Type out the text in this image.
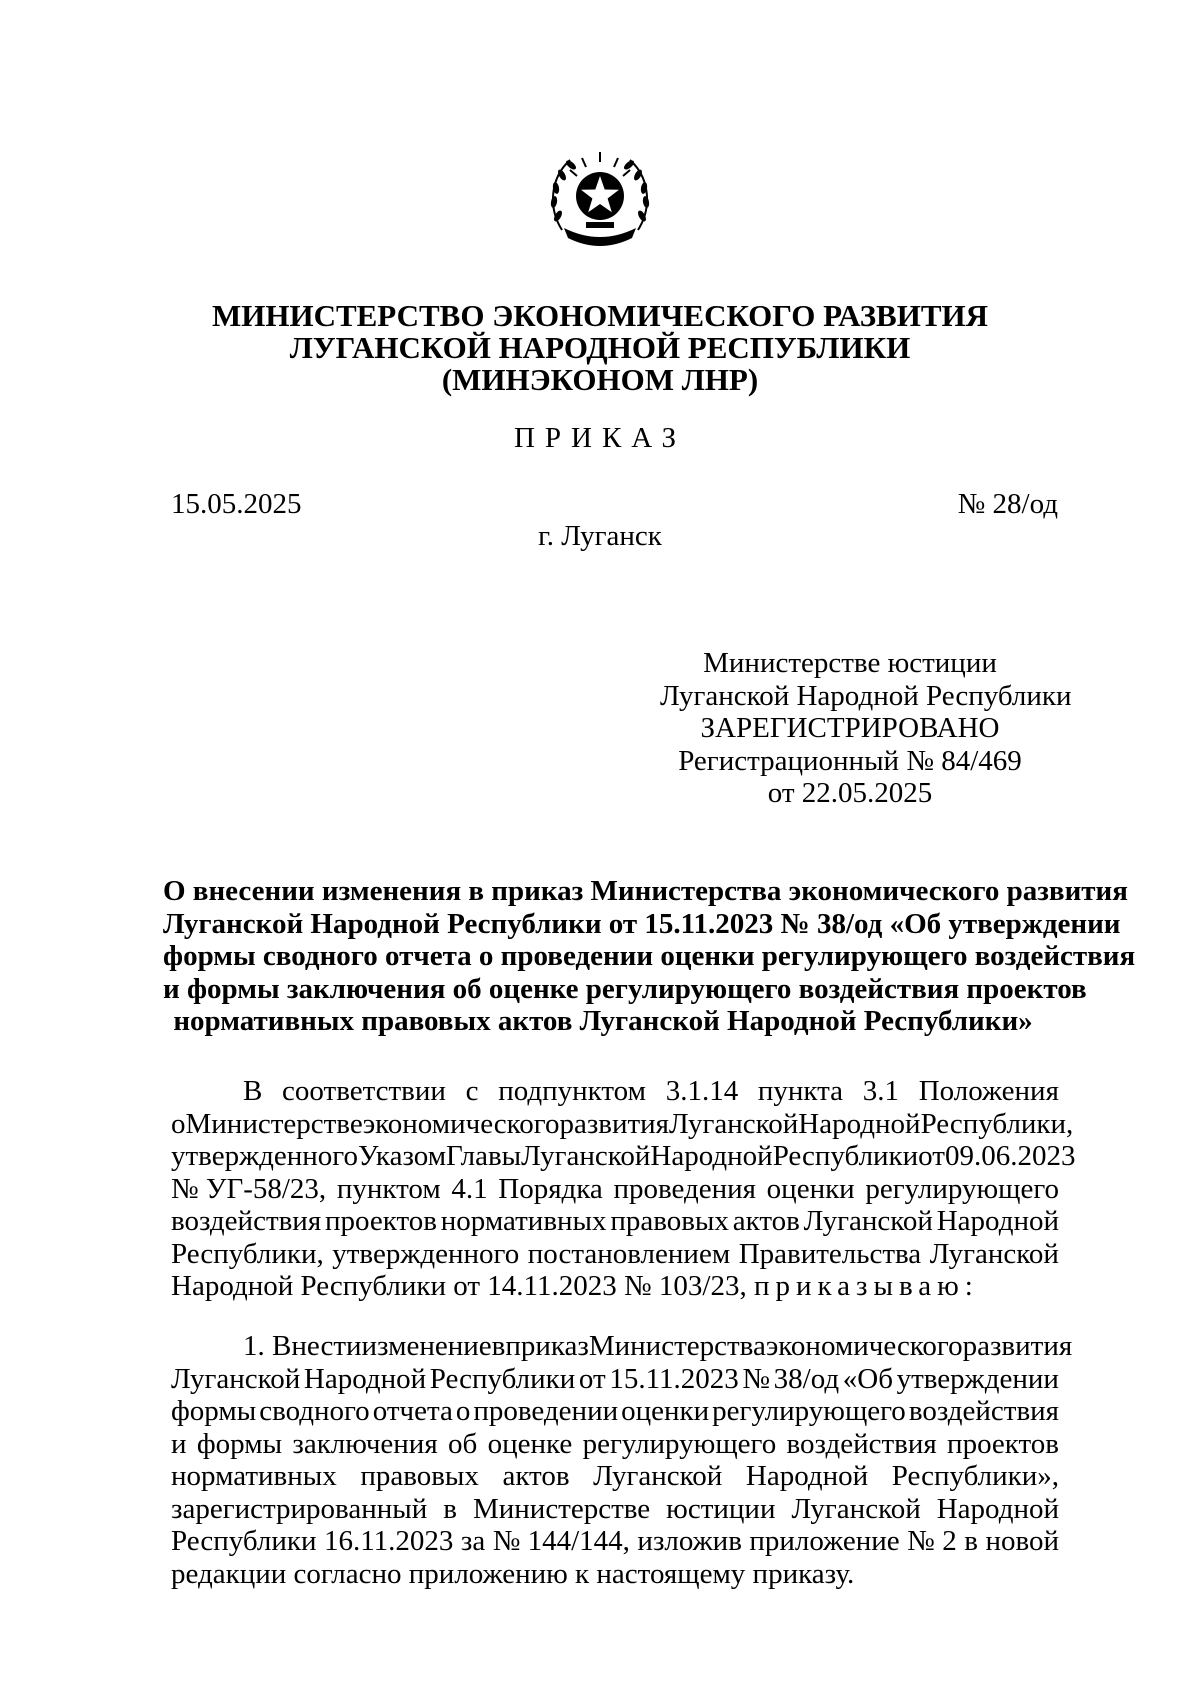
МИНИСТЕРСТВО ЭКОНОМИЧЕСКОГО РАЗВИТИЯ
ЛУГАНСКОЙ НАРОДНОЙ РЕСПУБЛИКИ
(МИНЭКОНОМ ЛНР)
ПРИКАЗ
15.05.2025	№ 28/од
г. Луганск
Министерстве юстиции
Луганской Народной Республики
ЗАРЕГИСТРИРОВАНО
Регистрационный № 84/469
от 22.05.2025
О внесении изменения в приказ Министерства экономического развития
Луганской Народной Республики от 15.11.2023 № 38/од «Об утверждении
формы сводного отчета о проведении оценки регулирующего воздействия
и формы заключения об оценке регулирующего воздействия проектов
нормативных правовых актов Луганской Народной Республики»
В соответствии с подпунктом 3.1.14 пункта 3.1 Положения
о Министерстве экономического развития Луганской Народной Республики,
утвержденного Указом Главы Луганской Народной Республики от 09.06.2023
№ УГ-58/23, пунктом 4.1 Порядка проведения оценки регулирующего
воздействия проектов нормативных правовых актов Луганской Народной
Республики, утвержденного постановлением Правительства Луганской
Народной Республики от 14.11.2023 № 103/23, приказываю:
1. Внести изменение в приказ Министерства экономического развития
Луганской Народной Республики от 15.11.2023 № 38/од «Об утверждении
формы сводного отчета о проведении оценки регулирующего воздействия
и формы заключения об оценке регулирующего воздействия проектов
нормативных правовых актов Луганской Народной Республики»,
зарегистрированный в Министерстве юстиции Луганской Народной
Республики 16.11.2023 за № 144/144, изложив приложение № 2 в новой
редакции согласно приложению к настоящему приказу.
